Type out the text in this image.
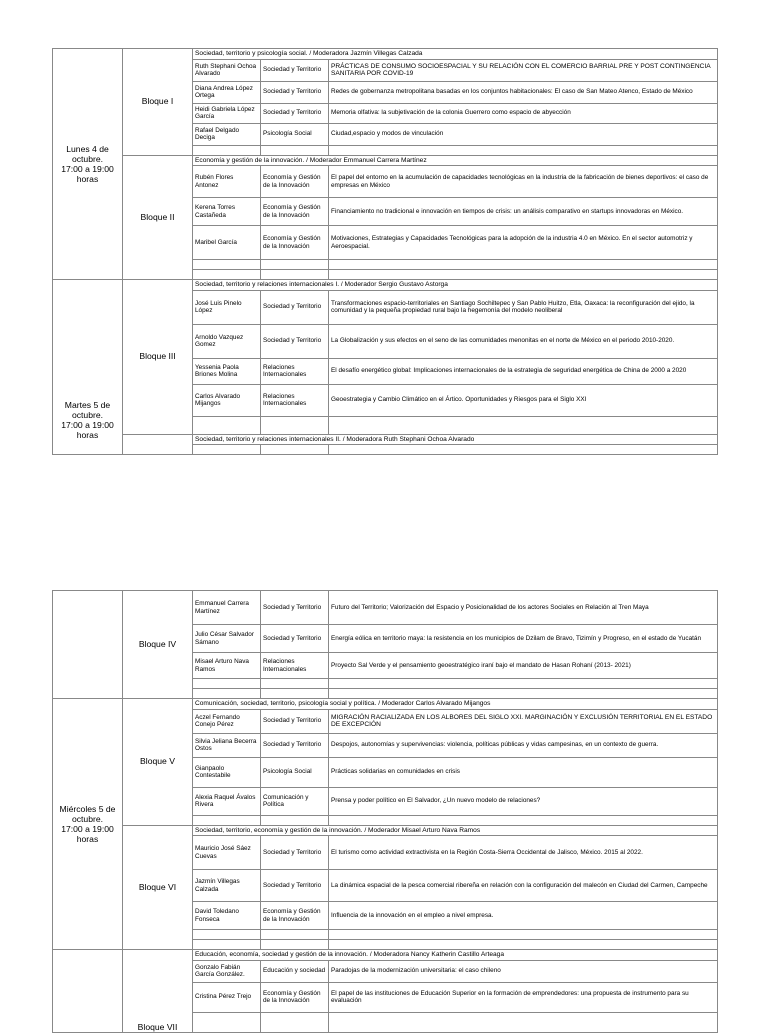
Lunes 4 de octubre.
17:00 a 19:00 horas	Bloque I	Sociedad, territorio y psicología social. / Moderadora Jazmín Villegas Calzada			
		Ruth Stephani Ochoa Alvarado	Sociedad y Territorio	PRÁCTICAS DE CONSUMO SOCIOESPACIAL Y SU RELACIÓN CON EL COMERCIO BARRIAL PRE Y POST CONTINGENCIA SANITARIA POR COVID-19	
		Diana Andrea López Ortega	Sociedad y Territorio	Redes de gobernanza metropolitana basadas en los conjuntos habitacionales: El caso de San Mateo Atenco, Estado de México	
		Heidi Gabriela López García	Sociedad y Territorio	Memoria olfativa: la subjetivación de la colonia Guerrero como espacio de abyección	
		Rafael Delgado Deciga	Psicología Social	Ciudad,espacio y modos de vinculación	

	Bloque II	Economía y gestión de la innovación. / Moderador Emmanuel Carrera Martínez			
		Rubén Flores Antonez	Economía y Gestión de la Innovación	El papel del entorno en la acumulación de capacidades tecnológicas en la industria de la fabricación de bienes deportivos: el caso de empresas en México	
		Kerena Torres Castañeda	Economía y Gestión de la Innovación	Financiamiento no tradicional e innovación en tiempos de crisis: un análisis comparativo en startups innovadoras en México.	
		Maribel García	Economía y Gestión de la Innovación	Motivaciones, Estrategias y Capacidades Tecnológicas para la adopción de la industria 4.0 en México. En el sector automotriz y Aeroespacial.	

Martes 5 de octubre.
17:00 a 19:00 horas	Bloque III	Sociedad, territorio y relaciones internacionales I. / Moderador Sergio Gustavo Astorga			
		José Luis Pinelo López	Sociedad y Territorio	Transformaciones espacio-territoriales en Santiago Sochiltepec y San Pablo Huitzo, Etla, Oaxaca: la reconfiguración del ejido, la comunidad y la pequeña propiedad rural bajo la hegemonía del modelo neoliberal	
		Arnoldo Vazquez Gomez	Sociedad y Territorio	La Globalización y sus efectos en el seno de las comunidades menonitas en el norte de México en el periodo 2010-2020.	
		Yessenia Paola Briones Molina	Relaciones Internacionales	El desafío energético global: Implicaciones internacionales de la estrategia de seguridad energética de China de 2000 a 2020	
		Carlos Alvarado Mijangos	Relaciones Internacionales	Geoestrategia y Cambio Climático en el Ártico. Oportunidades y Riesgos para el Siglo XXI	

		Sociedad, territorio y relaciones internacionales II. / Moderadora Ruth Stephani Ochoa Alvarado			

	Bloque IV	Emmanuel Carrera Martínez	Sociedad y Territorio	Futuro del Territorio; Valorización del Espacio y Posicionalidad de los actores Sociales en Relación al Tren Maya	
		Julio César Salvador Sámano	Sociedad y Territorio	Energía eólica en territorio maya: la resistencia en los municipios de Dzilam de Bravo, Tizimín y Progreso, en el estado de Yucatán	
		Misael Arturo Nava Ramos	Relaciones Internacionales	Proyecto Sal Verde y el pensamiento geoestratégico iraní bajo el mandato de Hasan Rohaní (2013- 2021)	

Miércoles 5 de octubre.
17:00 a 19:00 horas	Bloque V	Comunicación, sociedad, territorio, psicología social y política. / Moderador Carlos Alvarado Mijangos			
		Aczel Fernando Conejo Pérez	Sociedad y Territorio	MIGRACIÓN RACIALIZADA EN LOS ALBORES DEL SIGLO XXI. MARGINACIÓN Y EXCLUSIÓN TERRITORIAL EN EL ESTADO DE EXCEPCIÓN	
		Silvia Jeliana Becerra Ostos	Sociedad y Territorio	Despojos, autonomías y supervivencias: violencia, políticas públicas y vidas campesinas, en un contexto de guerra.	
		Gianpaolo Contestabile	Psicología Social	Prácticas solidarias en comunidades en crisis	
		Alexia Raquel Ávalos Rivera	Comunicación y Política	Prensa y poder político en El Salvador, ¿Un nuevo modelo de relaciones?	

	Bloque VI	Sociedad, territorio, economía y gestión de la innovación. / Moderador Misael Arturo Nava Ramos			
		Mauricio José Sáez Cuevas	Sociedad y Territorio	El turismo como actividad extractivista en la Región Costa-Sierra Occidental de Jalisco, México. 2015 al 2022.	
		Jazmín Villegas Calzada	Sociedad y Territorio	La dinámica espacial de la pesca comercial ribereña en relación con la configuración del malecón en Ciudad del Carmen, Campeche	
		David Toledano Fonseca	Economía y Gestión de la Innovación	Influencia de la innovación en el empleo a nivel empresa.	

	Bloque VII	Educación, economía, sociedad y gestión de la innovación. / Moderadora Nancy Katherin Castillo Arteaga			
		Gonzalo Fabián García González.	Educación y sociedad	Paradojas de la modernización universitaria: el caso chileno	
		Cristina Pérez Trejo	Economía y Gestión de la Innovación	El papel de las instituciones de Educación Superior en la formación de emprendedores: una propuesta de instrumento para su evaluación	
